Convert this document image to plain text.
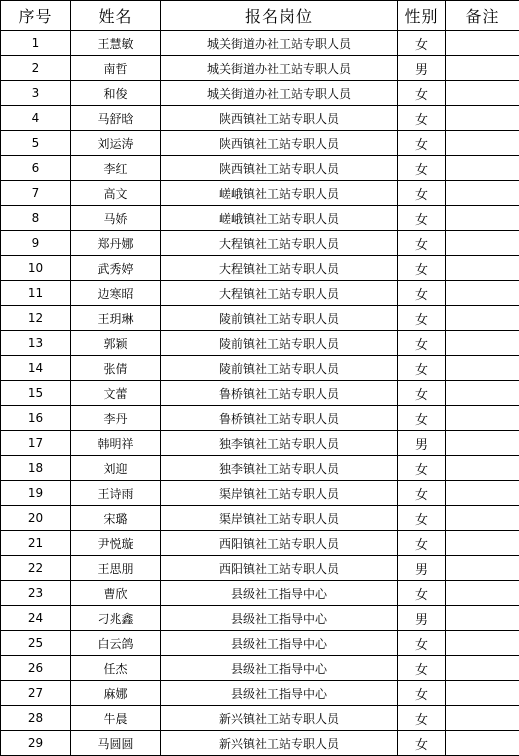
序号	姓名	报名岗位	性别	备注
1	王慧敏	城关街道办社工站专职人员	女	
2	南哲	城关街道办社工站专职人员	男	
3	和俊	城关街道办社工站专职人员	女	
4	马舒晗	陕西镇社工站专职人员	女	
5	刘运涛	陕西镇社工站专职人员	女	
6	李红	陕西镇社工站专职人员	女	
7	高文	嵯峨镇社工站专职人员	女	
8	马娇	嵯峨镇社工站专职人员	女	
9	郑丹娜	大程镇社工站专职人员	女	
10	武秀婷	大程镇社工站专职人员	女	
11	边寒昭	大程镇社工站专职人员	女	
12	王玥琳	陵前镇社工站专职人员	女	
13	郭颖	陵前镇社工站专职人员	女	
14	张倩	陵前镇社工站专职人员	女	
15	文蕾	鲁桥镇社工站专职人员	女	
16	李丹	鲁桥镇社工站专职人员	女	
17	韩明祥	独李镇社工站专职人员	男	
18	刘迎	独李镇社工站专职人员	女	
19	王诗雨	渠岸镇社工站专职人员	女	
20	宋璐	渠岸镇社工站专职人员	女	
21	尹悦璇	西阳镇社工站专职人员	女	
22	王思朋	西阳镇社工站专职人员	男	
23	曹欣	县级社工指导中心	女	
24	刁兆鑫	县级社工指导中心	男	
25	白云鸽	县级社工指导中心	女	
26	任杰	县级社工指导中心	女	
27	麻娜	县级社工指导中心	女	
28	牛晨	新兴镇社工站专职人员	女	
29	马圆圆	新兴镇社工站专职人员	女	
